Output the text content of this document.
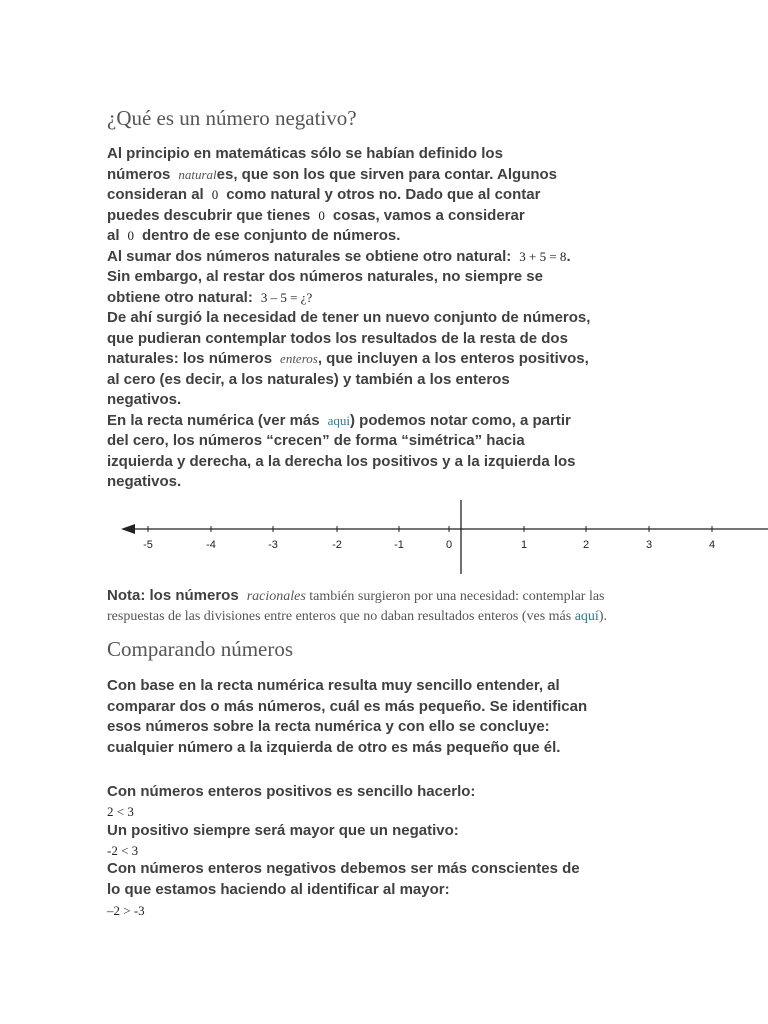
¿Qué es un número negativo?
Al principio en matemáticas sólo se habían definido los
números naturales, que son los que sirven para contar. Algunos
consideran al 0 como natural y otros no. Dado que al contar
puedes descubrir que tienes 0 cosas, vamos a considerar
al 0 dentro de ese conjunto de números.
Al sumar dos números naturales se obtiene otro natural: 3 + 5 = 8.
Sin embargo, al restar dos números naturales, no siempre se
obtiene otro natural: 3 – 5 = ¿?
De ahí surgió la necesidad de tener un nuevo conjunto de números,
que pudieran contemplar todos los resultados de la resta de dos
naturales: los números enteros, que incluyen a los enteros positivos,
al cero (es decir, a los naturales) y también a los enteros
negativos.
En la recta numérica (ver más aqui) podemos notar como, a partir
del cero, los números “crecen” de forma “simétrica” hacia
izquierda y derecha, a la derecha los positivos y a la izquierda los
negativos.
-5	-4	-3	-2	-1	0	1	2	3	4
Nota: los números racionales también surgieron por una necesidad: contemplar las
respuestas de las divisiones entre enteros que no daban resultados enteros (ves más aquí).
Comparando números
Con base en la recta numérica resulta muy sencillo entender, al
comparar dos o más números, cuál es más pequeño. Se identifican
esos números sobre la recta numérica y con ello se concluye:
cualquier número a la izquierda de otro es más pequeño que él.
Con números enteros positivos es sencillo hacerlo:
2 < 3
Un positivo siempre será mayor que un negativo:
-2 < 3
Con números enteros negativos debemos ser más conscientes de
lo que estamos haciendo al identificar al mayor:
–2 > -3
